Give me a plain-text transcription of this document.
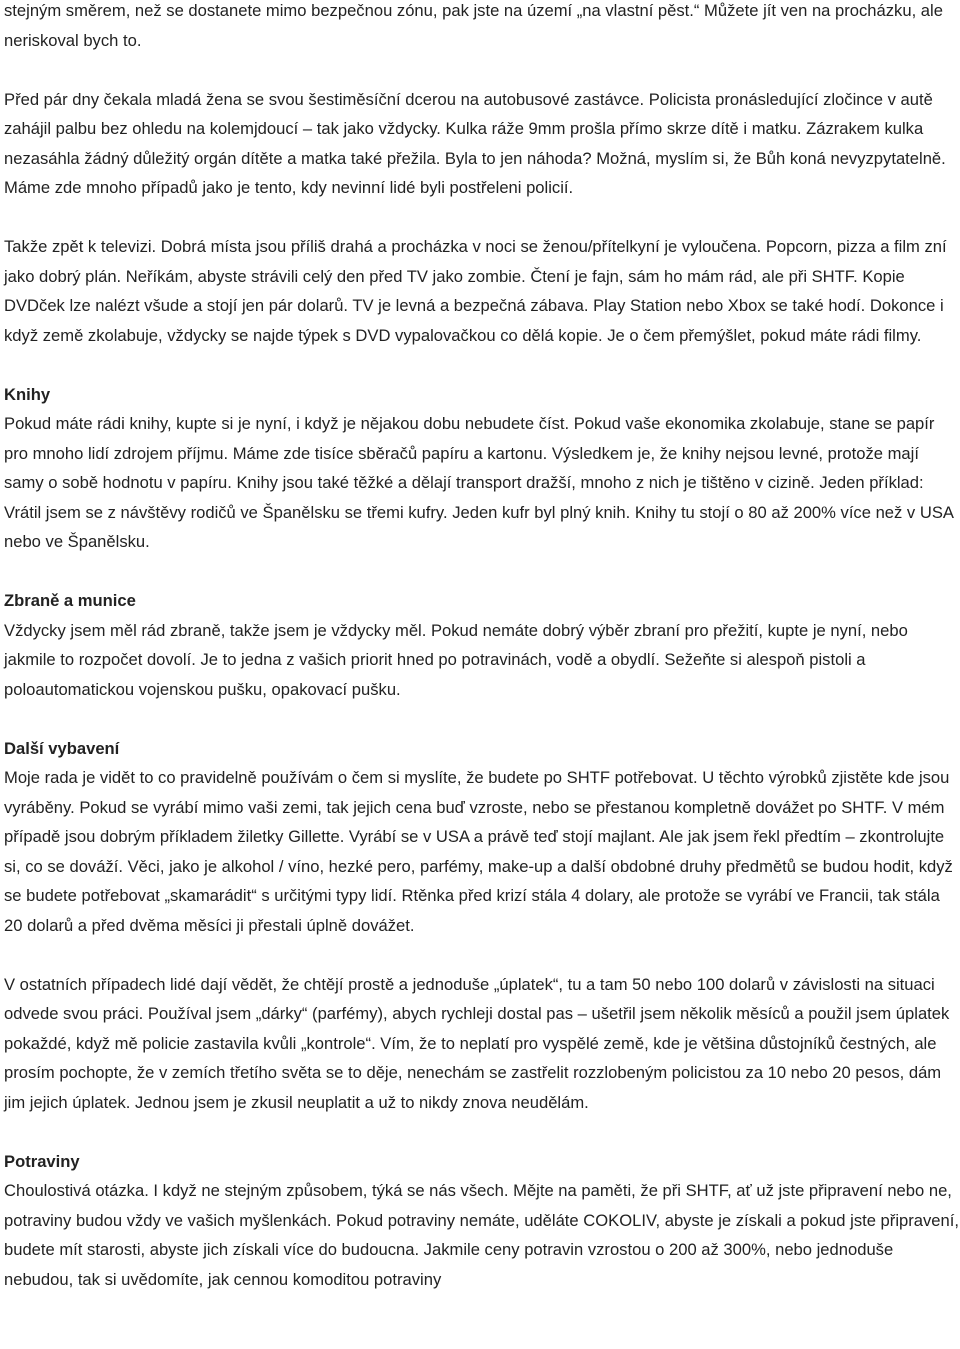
stejným směrem, než se dostanete mimo bezpečnou zónu, pak jste na území „na vlastní pěst.“ Můžete jít ven na procházku, ale neriskoval bych to.

Před pár dny čekala mladá žena se svou šestiměsíční dcerou na autobusové zastávce. Policista pronásledující zločince v autě zahájil palbu bez ohledu na kolemjdoucí – tak jako vždycky. Kulka ráže 9mm prošla přímo skrze dítě i matku. Zázrakem kulka nezasáhla žádný důležitý orgán dítěte a matka také přežila. Byla to jen náhoda? Možná, myslím si, že Bůh koná nevyzpytatelně. Máme zde mnoho případů jako je tento, kdy nevinní lidé byli postřeleni policií.

Takže zpět k televizi. Dobrá místa jsou příliš drahá a procházka v noci se ženou/přítelkyní je vyloučena. Popcorn, pizza a film zní jako dobrý plán. Neříkám, abyste strávili celý den před TV jako zombie. Čtení je fajn, sám ho mám rád, ale při SHTF. Kopie DVDček lze nalézt všude a stojí jen pár dolarů. TV je levná a bezpečná zábava. Play Station nebo Xbox se také hodí. Dokonce i když země zkolabuje, vždycky se najde týpek s DVD vypalovačkou co dělá kopie. Je o čem přemýšlet, pokud máte rádi filmy.

Knihy

Pokud máte rádi knihy, kupte si je nyní, i když je nějakou dobu nebudete číst. Pokud vaše ekonomika zkolabuje, stane se papír pro mnoho lidí zdrojem příjmu. Máme zde tisíce sběračů papíru a kartonu. Výsledkem je, že knihy nejsou levné, protože mají samy o sobě hodnotu v papíru. Knihy jsou také těžké a dělají transport dražší, mnoho z nich je tištěno v cizině. Jeden příklad: Vrátil jsem se z návštěvy rodičů ve Španělsku se třemi kufry. Jeden kufr byl plný knih. Knihy tu stojí o 80 až 200% více než v USA nebo ve Španělsku.

Zbraně a munice

Vždycky jsem měl rád zbraně, takže jsem je vždycky měl. Pokud nemáte dobrý výběr zbraní pro přežití, kupte je nyní, nebo jakmile to rozpočet dovolí. Je to jedna z vašich priorit hned po potravinách, vodě a obydlí. Sežeňte si alespoň pistoli a poloautomatickou vojenskou pušku, opakovací pušku.

Další vybavení

Moje rada je vidět to co pravidelně používám o čem si myslíte, že budete po SHTF potřebovat. U těchto výrobků zjistěte kde jsou vyráběny. Pokud se vyrábí mimo vaši zemi, tak jejich cena buď vzroste, nebo se přestanou kompletně dovážet po SHTF. V mém případě jsou dobrým příkladem žiletky Gillette. Vyrábí se v USA a právě teď stojí majlant. Ale jak jsem řekl předtím – zkontrolujte si, co se dováží. Věci, jako je alkohol / víno, hezké pero, parfémy, make-up a další obdobné druhy předmětů se budou hodit, když se budete potřebovat „skamarádit“ s určitými typy lidí. Rtěnka před krizí stála 4 dolary, ale protože se vyrábí ve Francii, tak stála 20 dolarů a před dvěma měsíci ji přestali úplně dovážet.

V ostatních případech lidé dají vědět, že chtějí prostě a jednoduše „úplatek“, tu a tam 50 nebo 100 dolarů v závislosti na situaci odvede svou práci. Používal jsem „dárky“ (parfémy), abych rychleji dostal pas – ušetřil jsem několik měsíců a použil jsem úplatek pokaždé, když mě policie zastavila kvůli „kontrole“. Vím, že to neplatí pro vyspělé země, kde je většina důstojníků čestných, ale prosím pochopte, že v zemích třetího světa se to děje, nenechám se zastřelit rozzlobeným policistou za 10 nebo 20 pesos, dám jim jejich úplatek. Jednou jsem je zkusil neuplatit a už to nikdy znova neudělám.

Potraviny

Choulostivá otázka. I když ne stejným způsobem, týká se nás všech. Mějte na paměti, že při SHTF, ať už jste připravení nebo ne, potraviny budou vždy ve vašich myšlenkách. Pokud potraviny nemáte, uděláte COKOLIV, abyste je získali a pokud jste připravení, budete mít starosti, abyste jich získali více do budoucna. Jakmile ceny potravin vzrostou o 200 až 300%, nebo jednoduše nebudou, tak si uvědomíte, jak cennou komoditou potraviny
